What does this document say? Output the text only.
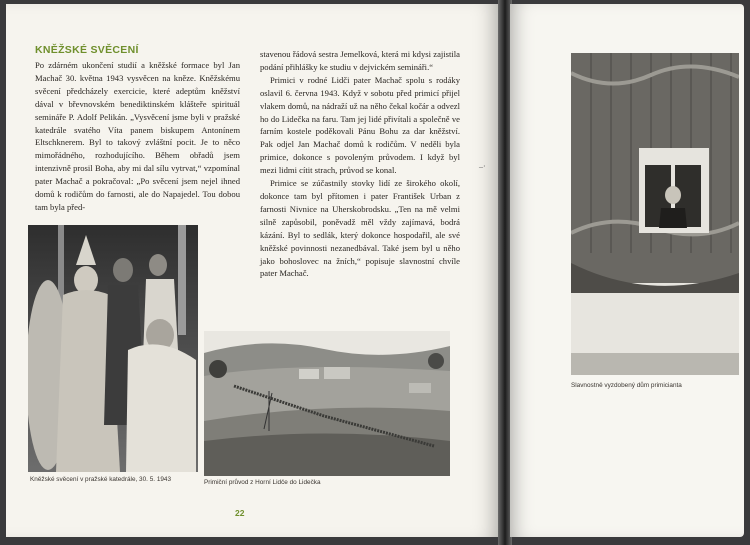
KNĚŽSKÉ SVĚCENÍ

Po zdárném ukončení studií a kněžské formace byl Jan Machač 30. května 1943 vysvěcen na kněze. Kněžskému svěcení předcházely exercicie, které adeptům kněžství dával v břevnovském benediktinském klášteře spirituál semináře P. Adolf Pelikán. „Vysvěcení jsme byli v pražské katedrále svatého Víta panem biskupem Antonínem Eltschknerem. Byl to takový zvláštní pocit. Je to něco mimořádného, rozhodujícího. Během obřadů jsem intenzivně prosil Boha, aby mi dal sílu vytrvat,“ vzpomínal pater Machač a pokračoval: „Po svěcení jsem nejel ihned domů k rodičům do farnosti, ale do Napajedel. Tou dobou tam byla před-

stavenou řádová sestra Jemelková, která mi kdysi zajistila podání přihlášky ke studiu v dejvickém semináři.“

Primici v rodné Lidči pater Machač spolu s rodáky oslavil 6. června 1943. Když v sobotu před primicí přijel vlakem domů, na nádraží už na něho čekal kočár a odvezl ho do Lidečka na faru. Tam jej lidé přivítali a společně ve farním kostele poděkovali Pánu Bohu za dar kněžství. Pak odjel Jan Machač domů k rodičům. V neděli byla primice, dokonce s povoleným průvodem. I když byl mezi lidmi cítit strach, průvod se konal.

Primice se zúčastnily stovky lidí ze širokého okolí, dokonce tam byl přítomen i pater František Urban z farnosti Nivnice na Uherskobrodsku. „Ten na mě velmi silně zapůsobil, poněvadž měl vždy zajímavá, bodrá kázání. Byl to sedlák, který dokonce hospodařil, ale své kněžské povinnosti nezanedbával. Také jsem byl u něho jako bohoslovec na žních,“ popisuje slavnostní chvíle pater Machač.

Kněžské svěcení v pražské katedrále, 30. 5. 1943	Primiční průvod z Horní Lidče do Lidečka
22
–·
Slavnostně vyzdobený dům primicianta
